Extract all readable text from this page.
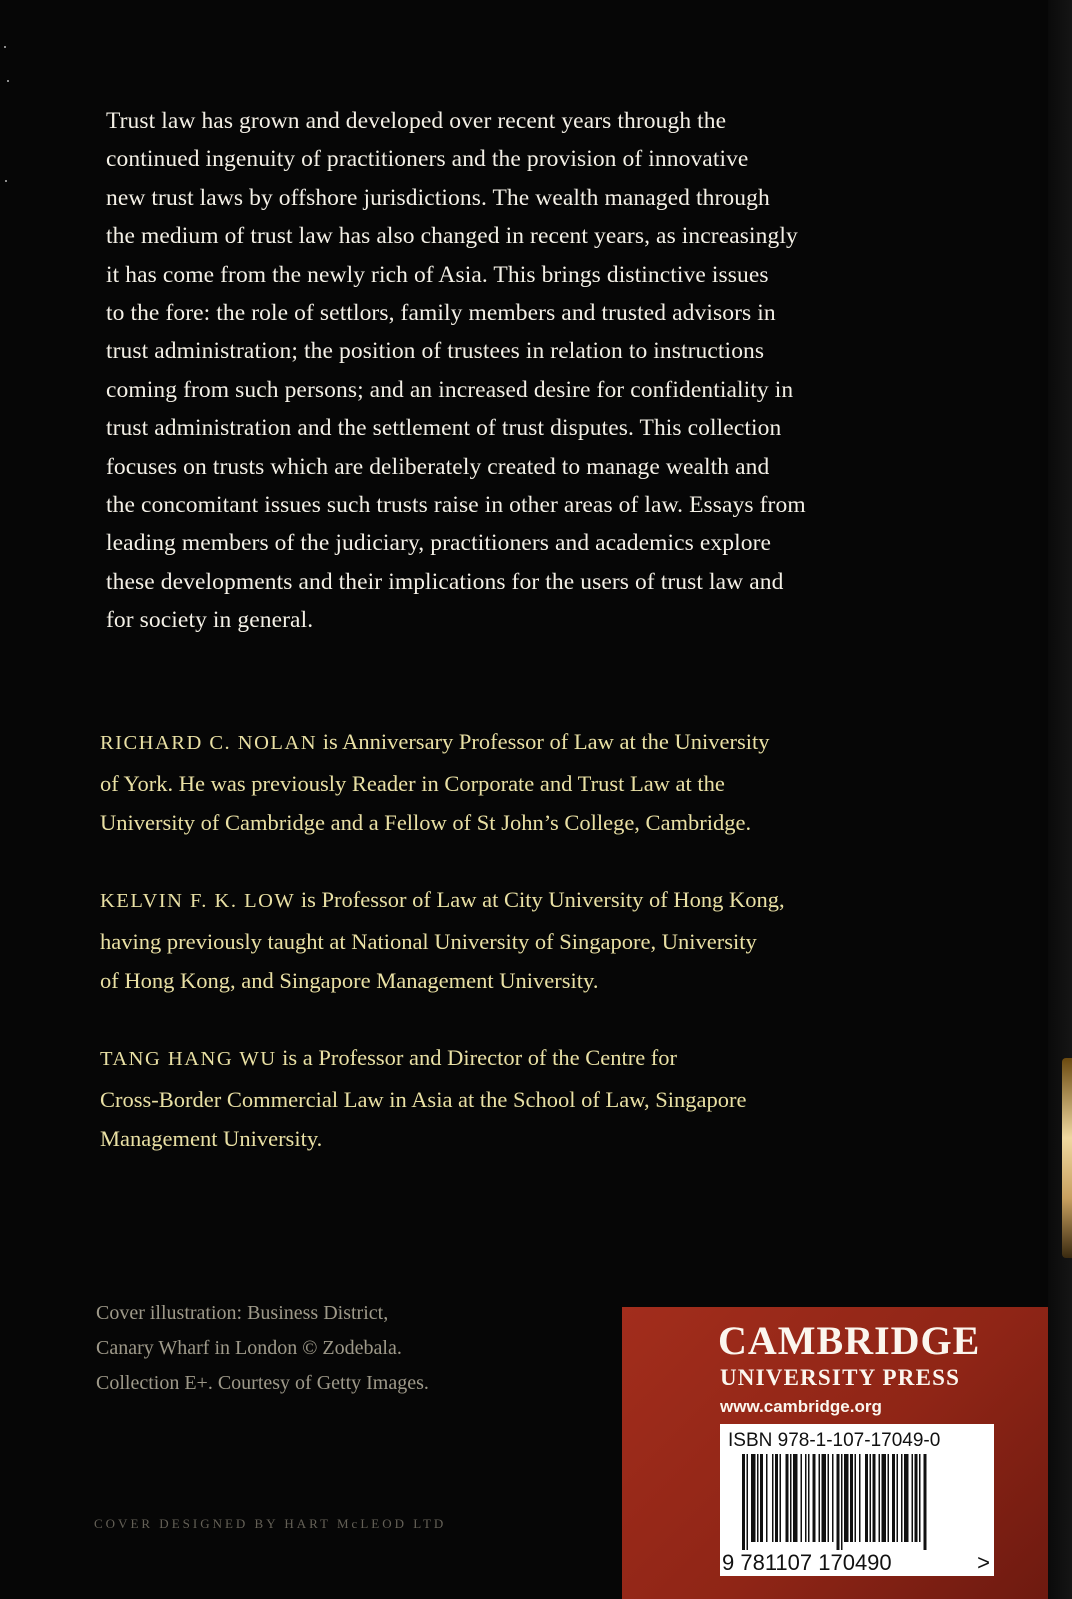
Trust law has grown and developed over recent years through the

continued ingenuity of practitioners and the provision of innovative

new trust laws by offshore jurisdictions. The wealth managed through

the medium of trust law has also changed in recent years, as increasingly

it has come from the newly rich of Asia. This brings distinctive issues

to the fore: the role of settlors, family members and trusted advisors in

trust administration; the position of trustees in relation to instructions

coming from such persons; and an increased desire for confidentiality in

trust administration and the settlement of trust disputes. This collection

focuses on trusts which are deliberately created to manage wealth and

the concomitant issues such trusts raise in other areas of law. Essays from

leading members of the judiciary, practitioners and academics explore

these developments and their implications for the users of trust law and

for society in general.

RICHARD C. NOLAN is Anniversary Professor of Law at the University

of York. He was previously Reader in Corporate and Trust Law at the

University of Cambridge and a Fellow of St John’s College, Cambridge.

KELVIN F. K. LOW is Professor of Law at City University of Hong Kong,

having previously taught at National University of Singapore, University

of Hong Kong, and Singapore Management University.

TANG HANG WU is a Professor and Director of the Centre for

Cross-Border Commercial Law in Asia at the School of Law, Singapore

Management University.

Cover illustration: Business District,

Canary Wharf in London © Zodebala.

Collection E+. Courtesy of Getty Images.

COVER DESIGNED BY HART McLEOD LTD
CAMBRIDGE
UNIVERSITY PRESS
www.cambridge.org
ISBN 978-1-107-17049-0
9 781107 170490	>
